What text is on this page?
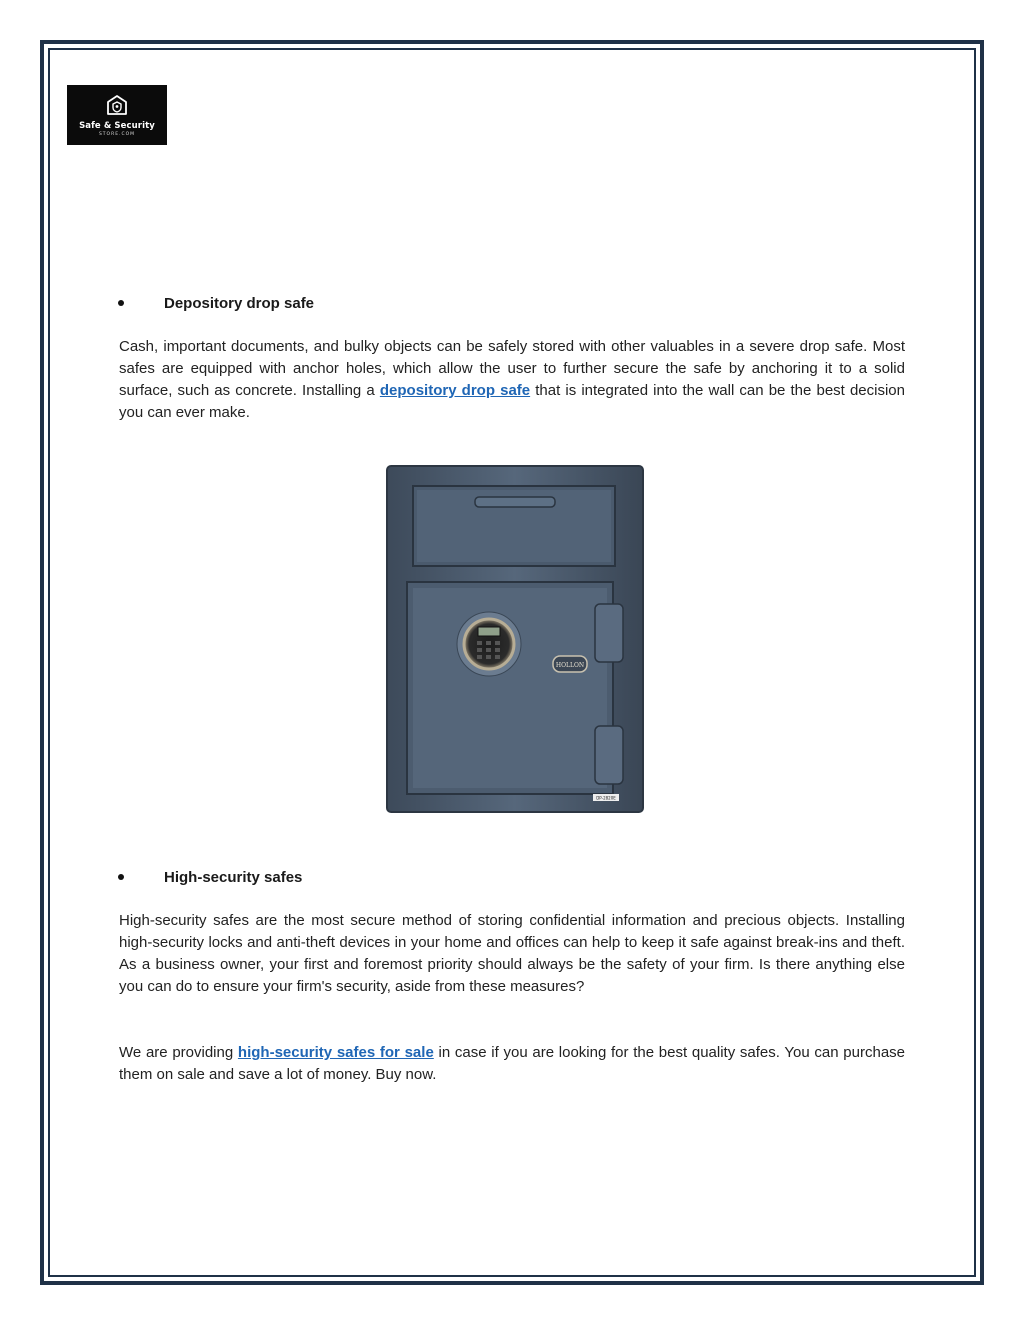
Safe & Security
STORE.COM
Depository drop safe

Cash, important documents, and bulky objects can be safely stored with other valuables in a severe drop safe. Most safes are equipped with anchor holes, which allow the user to further secure the safe by anchoring it to a solid surface, such as concrete. Installing a depository drop safe that is integrated into the wall can be the best decision you can ever make.

HOLLON
DP-2820E
High-security safes

High-security safes are the most secure method of storing confidential information and precious objects. Installing high-security locks and anti-theft devices in your home and offices can help to keep it safe against break-ins and theft. As a business owner, your first and foremost priority should always be the safety of your firm. Is there anything else you can do to ensure your firm's security, aside from these measures?

We are providing high-security safes for sale in case if you are looking for the best quality safes. You can purchase them on sale and save a lot of money. Buy now.
